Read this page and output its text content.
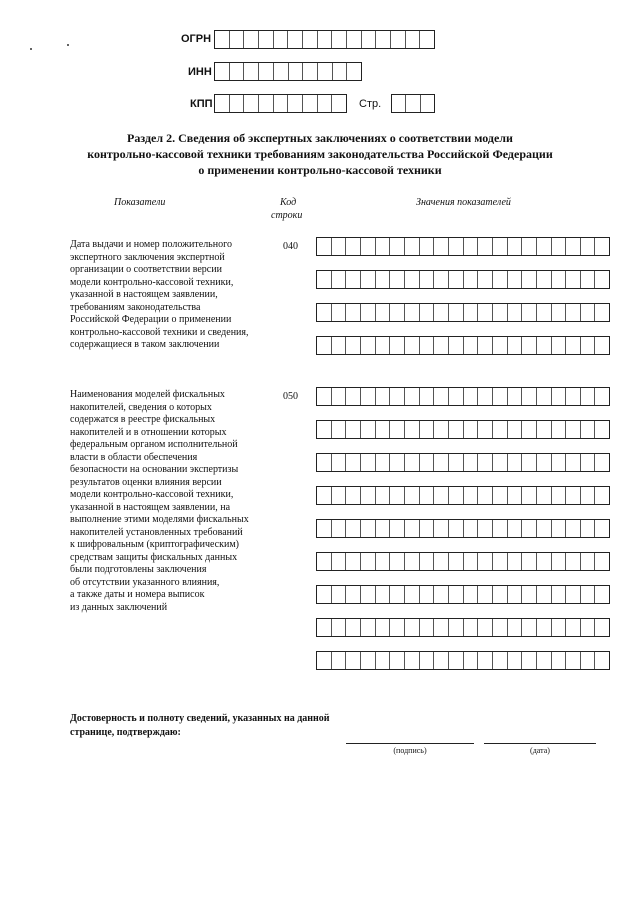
ОГРН
ИНН
КПП	Стр.
Раздел 2. Сведения об экспертных заключениях о соответствии модели
контрольно-кассовой техники требованиям законодательства Российской Федерации
о применении контрольно-кассовой техники
Показатели	Код
строки
Значения показателей
Дата выдачи и номер положительного
экспертного заключения экспертной
организации о соответствии версии
модели контрольно-кассовой техники,
указанной в настоящем заявлении,
требованиям законодательства
Российской Федерации о применении
контрольно-кассовой техники и сведения,
содержащиеся в таком заключении
040
Наименования моделей фискальных
накопителей, сведения о которых
содержатся в реестре фискальных
накопителей и в отношении которых
федеральным органом исполнительной
власти в области обеспечения
безопасности на основании экспертизы
результатов оценки влияния версии
модели контрольно-кассовой техники,
указанной в настоящем заявлении, на
выполнение этими моделями фискальных
накопителей установленных требований
к шифровальным (криптографическим)
средствам защиты фискальных данных
были подготовлены заключения
об отсутствии указанного влияния,
а также даты и номера выписок
из данных заключений
050
Достоверность и полноту сведений, указанных на данной
странице, подтверждаю:
(подпись)	(дата)
